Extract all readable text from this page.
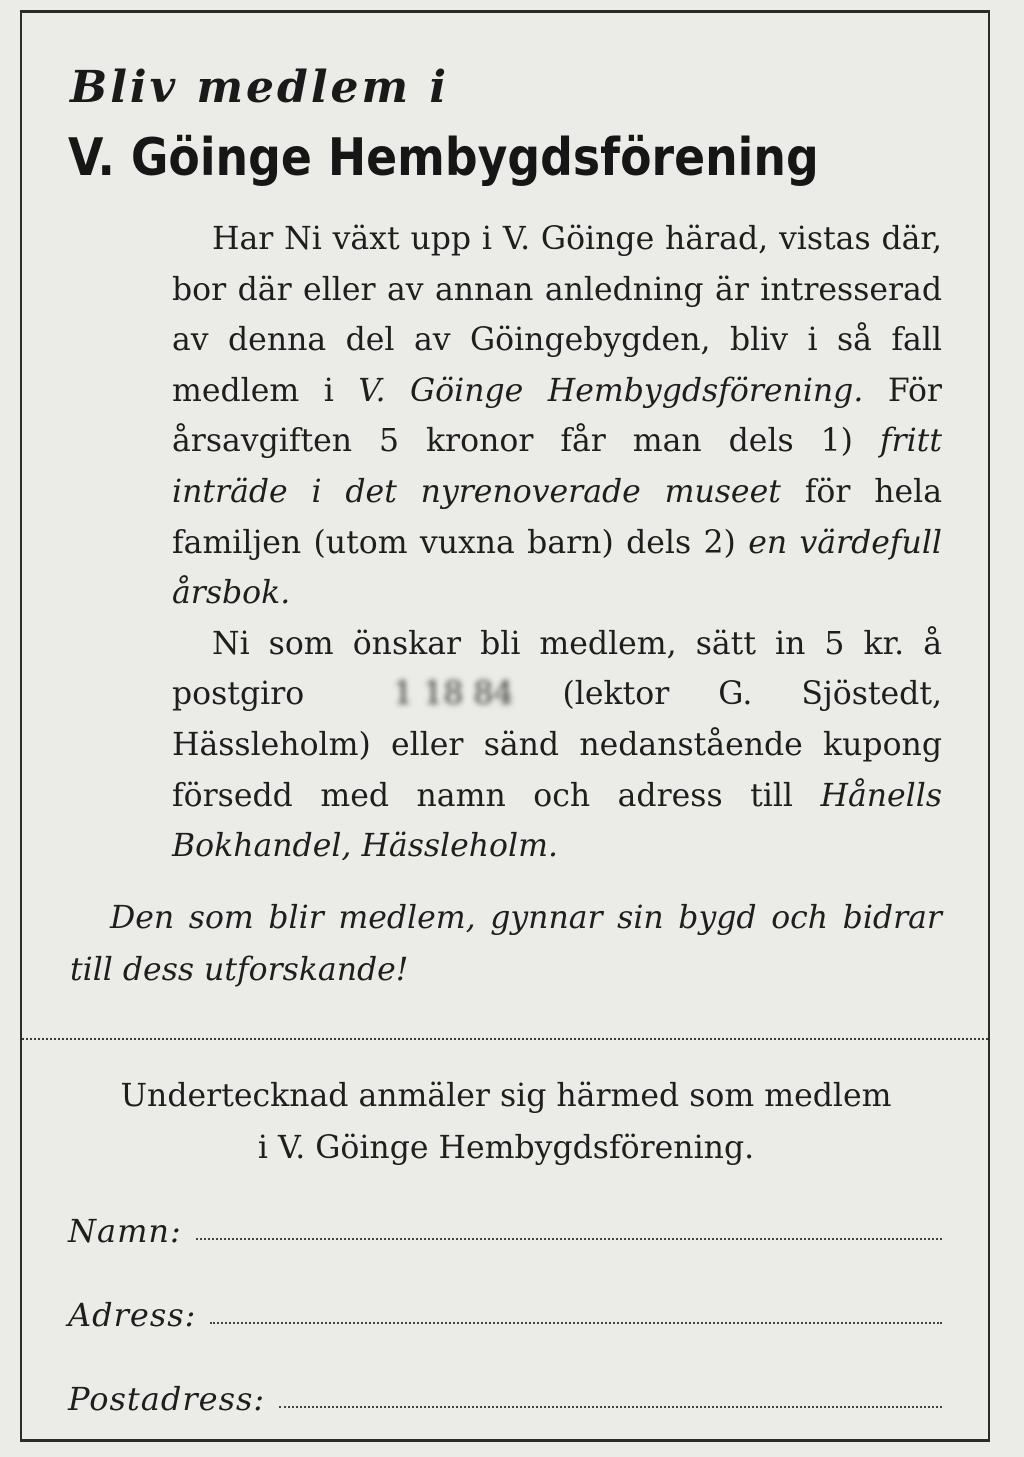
Bliv medlem i
V. Göinge Hembygdsförening

Har Ni växt upp i V. Göinge härad, vistas där, bor där eller av annan anledning är intresserad av denna del av Göingebygden, bliv i så fall medlem i V. Göinge Hembygdsförening. För årsavgiften 5 kronor får man dels 1) fritt inträde i det nyrenoverade museet för hela familjen (utom vuxna barn) dels 2) en värdefull årsbok.

Ni som önskar bli medlem, sätt in 5 kr. å postgiro 1 18 84 (lektor G. Sjöstedt, Hässleholm) eller sänd nedanstående kupong försedd med namn och adress till Hånells Bokhandel, Hässleholm.

Den som blir medlem, gynnar sin bygd och bidrar till dess utforskande!

Undertecknad anmäler sig härmed som medlem

i V. Göinge Hembygdsförening.

Namn:
Adress:
Postadress:
